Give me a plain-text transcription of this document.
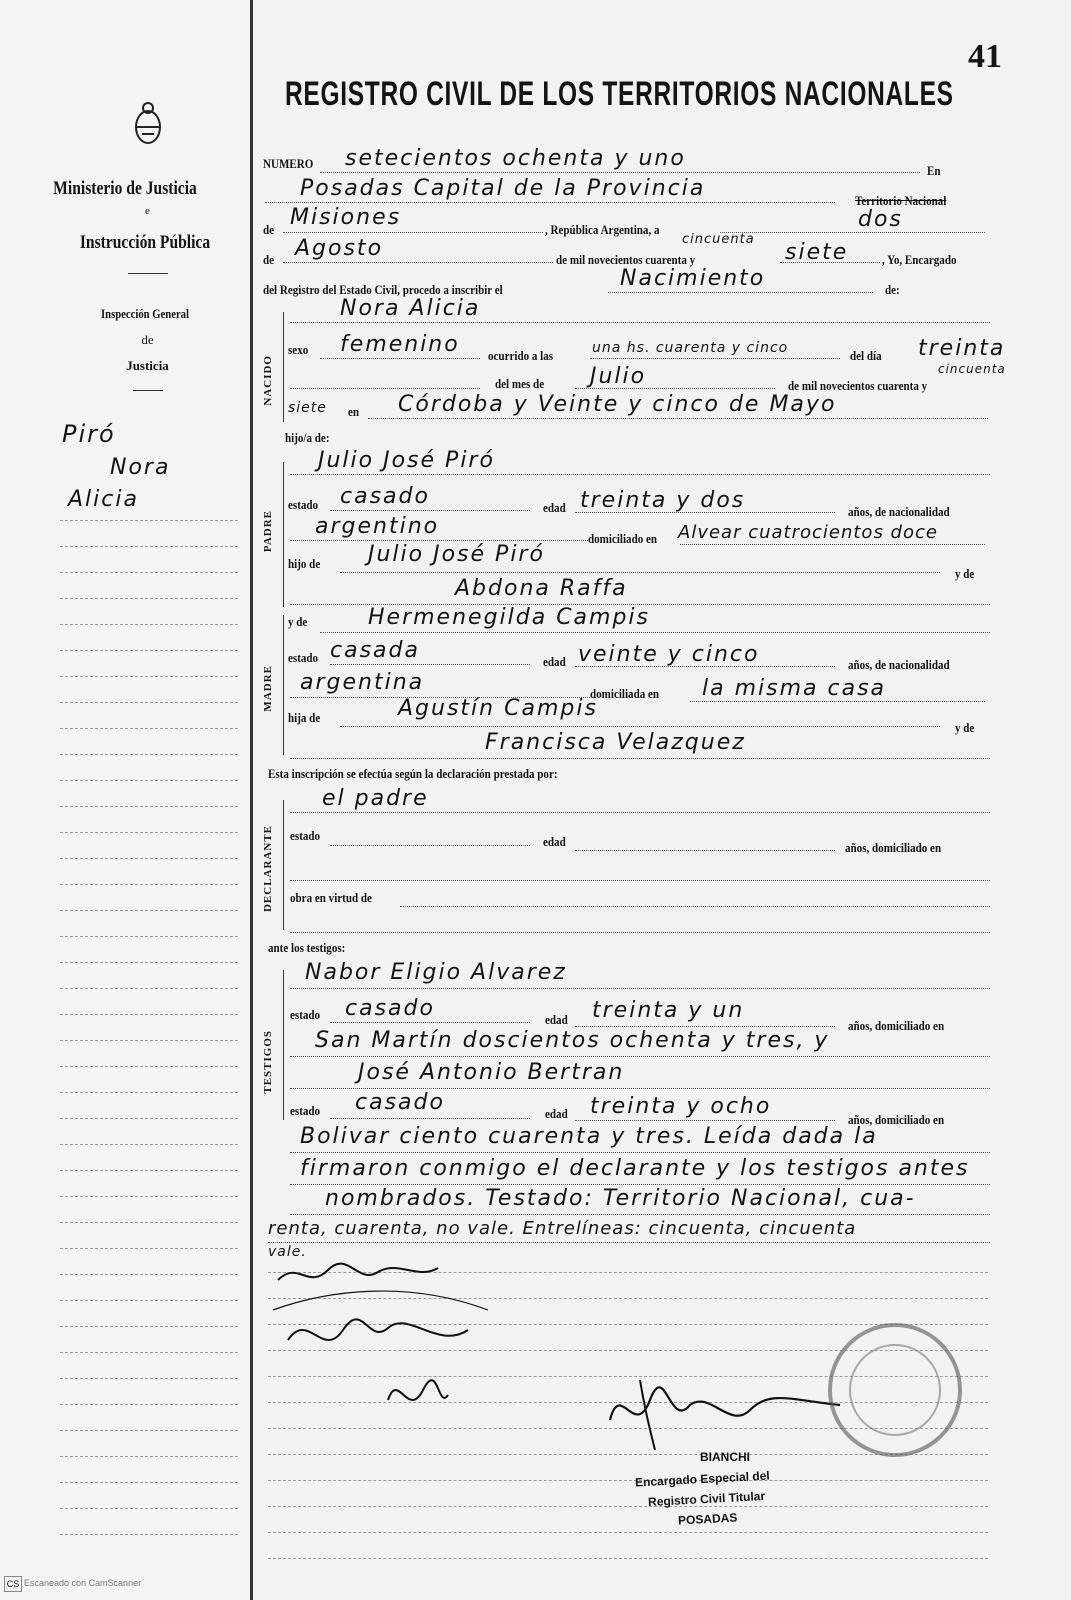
41
Ministerio de Justicia
e
Instrucción Pública
Inspección General
de
Justicia
Piró
Nora
Alicia
REGISTRO CIVIL DE LOS TERRITORIOS NACIONALES
NUMERO setecientos ochenta y uno	En
Posadas Capital de la Provincia	Territorio Nacional
de Misiones	, República Argentina, a	dos
de Agosto	de mil novecientos cuarenta y
cincuenta
siete	, Yo, Encargado
del Registro del Estado Civil, procedo a inscribir el	Nacimiento	de:
NACIDO
Nora Alicia
sexo femenino ocurrido a las	una hs. cuarenta y cinco	del día treinta
del mes de Julio	de mil novecientos cuarenta y
cincuenta
siete en Córdoba y Veinte y cinco de Mayo
hijo/a de:
PADRE
Julio José Piró
estado casado	edad treinta y dos	años, de nacionalidad
argentino	domiciliado en Alvear cuatrocientos doce
hijo de Julio José Piró
y de
Abdona Raffa
MADRE
y de	Hermenegilda Campis
estado casada	edad veinte y cinco	años, de nacionalidad
argentina	domiciliada en la misma casa
hija de	Agustín Campis
y de
Francisca Velazquez
Esta inscripción se efectúa según la declaración prestada por:
DECLARANTE
el padre
estado	edad	años, domiciliado en
obra en virtud de
ante los testigos:
TESTIGOS
Nabor Eligio Alvarez
estado casado	edad treinta y un
años, domiciliado en
San Martín doscientos ochenta y tres, y
José Antonio Bertran
estado casado	edad treinta y ocho
años, domiciliado en
Bolivar ciento cuarenta y tres. Leída dada la
firmaron conmigo el declarante y los testigos antes
nombrados. Testado: Territorio Nacional, cua-
renta, cuarenta, no vale. Entrelíneas: cincuenta, cincuenta
vale.
BIANCHI
Encargado Especial del
Registro Civil Titular
POSADAS
CS Escaneado con CamScanner
